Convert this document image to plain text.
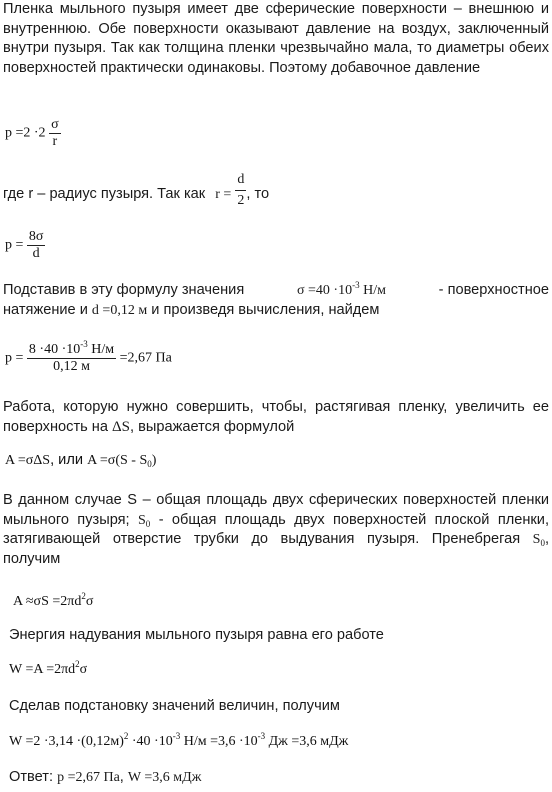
Пленка мыльного пузыря имеет две сферические поверхности – внешнюю и внутреннюю. Обе поверхности оказывают давление на воздух, заключенный внутри пузыря. Так как толщина пленки чрезвычайно мала, то диаметры обеих поверхностей практически одинаковы. Поэтому добавочное давление

$p =2 \cdot 2 \frac{\sigma}{r}$
где r – радиус пузыря. Так как $r = \frac{d}{2}$ , то
$p = \frac{8\sigma}{d}$
Подставив в эту формулу значения	$\sigma =40 \cdot 10^{-3}$ Н/м	- поверхностное
натяжение и d =0,12 м и произведя вычисления, найдем
$p = \frac{8 \cdot 40 \cdot 10^{-3} Н/м}{0,12 м} =2,67$ Па
Работа, которую нужно совершить, чтобы, растягивая пленку, увеличить ее поверхность на ΔS, выражается формулой
A =σΔS, или $A =\sigma(S - S_0)$
В данном случае S – общая площадь двух сферических поверхностей пленки мыльного пузыря; $S_0$ - общая площадь двух поверхностей плоской пленки, затягивающей отверстие трубки до выдувания пузыря. Пренебрегая $S_0$, получим
$A \approx\sigma S =2\pi d^2\sigma$

Энергия надувания мыльного пузыря равна его работе

$W =A =2\pi d^2\sigma$

Сделав подстановку значений величин, получим

$W =2 \cdot 3,14 \cdot(0,12м)^2 \cdot 40 \cdot 10^{-3}$ $Н/м =3,6 \cdot 10^{-3}$ Дж =3,6 мДж
Ответ: p =2,67 Па, W =3,6 мДж
